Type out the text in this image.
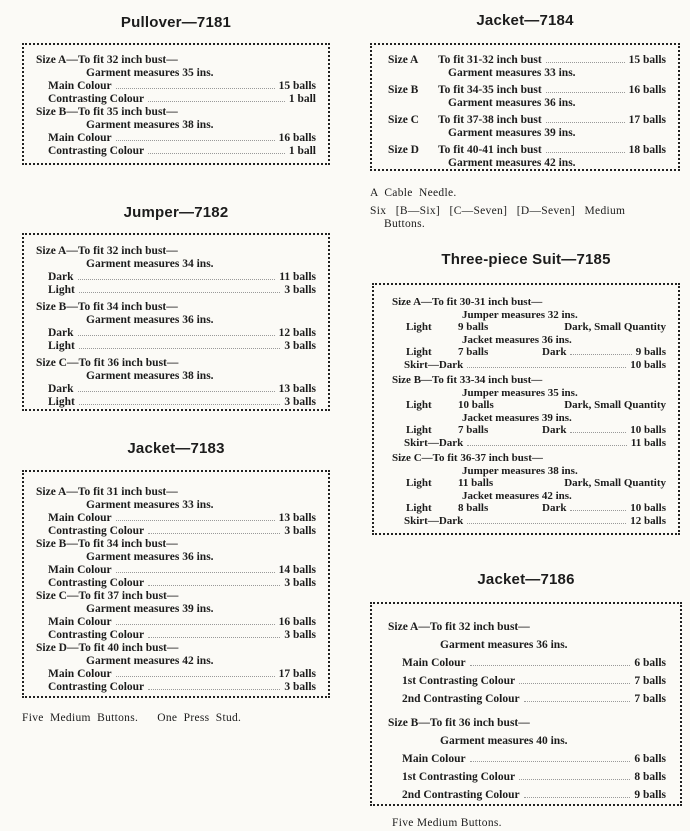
Pullover—7181
Size A—To fit 32 inch bust—
Garment measures 35 ins.
Main Colour	15 balls
Contrasting Colour	1 ball
Size B—To fit 35 inch bust—
Garment measures 38 ins.
Main Colour	16 balls
Contrasting Colour	1 ball
Jumper—7182
Size A—To fit 32 inch bust—
Garment measures 34 ins.
Dark	11 balls
Light	3 balls
Size B—To fit 34 inch bust—
Garment measures 36 ins.
Dark	12 balls
Light	3 balls
Size C—To fit 36 inch bust—
Garment measures 38 ins.
Dark	13 balls
Light	3 balls
Jacket—7183
Size A—To fit 31 inch bust—
Garment measures 33 ins.
Main Colour	13 balls
Contrasting Colour	3 balls
Size B—To fit 34 inch bust—
Garment measures 36 ins.
Main Colour	14 balls
Contrasting Colour	3 balls
Size C—To fit 37 inch bust—
Garment measures 39 ins.
Main Colour	16 balls
Contrasting Colour	3 balls
Size D—To fit 40 inch bust—
Garment measures 42 ins.
Main Colour	17 balls
Contrasting Colour	3 balls
Five  Medium  Buttons.      One  Press  Stud.
Jacket—7184
Size A	To fit 31-32 inch bust	15 balls
Garment measures 33 ins.
Size B	To fit 34-35 inch bust	16 balls
Garment measures 36 ins.
Size C	To fit 37-38 inch bust	17 balls
Garment measures 39 ins.
Size D	To fit 40-41 inch bust	18 balls
Garment measures 42 ins.
A  Cable  Needle.
Six   [B—Six]   [C—Seven]   [D—Seven]   Medium
Buttons.
Three-piece Suit—7185
Size A—To fit 30-31 inch bust—
Jumper measures 32 ins.
Light	9 balls	Dark, Small Quantity
Jacket measures 36 ins.
Light	7 balls	Dark	9 balls
Skirt—Dark	10 balls
Size B—To fit 33-34 inch bust—
Jumper measures 35 ins.
Light	10 balls	Dark, Small Quantity
Jacket measures 39 ins.
Light	7 balls	Dark	10 balls
Skirt—Dark	11 balls
Size C—To fit 36-37 inch bust—
Jumper measures 38 ins.
Light	11 balls	Dark, Small Quantity
Jacket measures 42 ins.
Light	8 balls	Dark	10 balls
Skirt—Dark	12 balls
Jacket—7186
Size A—To fit 32 inch bust—
Garment measures 36 ins.
Main Colour	6 balls
1st Contrasting Colour	7 balls
2nd Contrasting Colour	7 balls
Size B—To fit 36 inch bust—
Garment measures 40 ins.
Main Colour	6 balls
1st Contrasting Colour	8 balls
2nd Contrasting Colour	9 balls
Five Medium Buttons.
